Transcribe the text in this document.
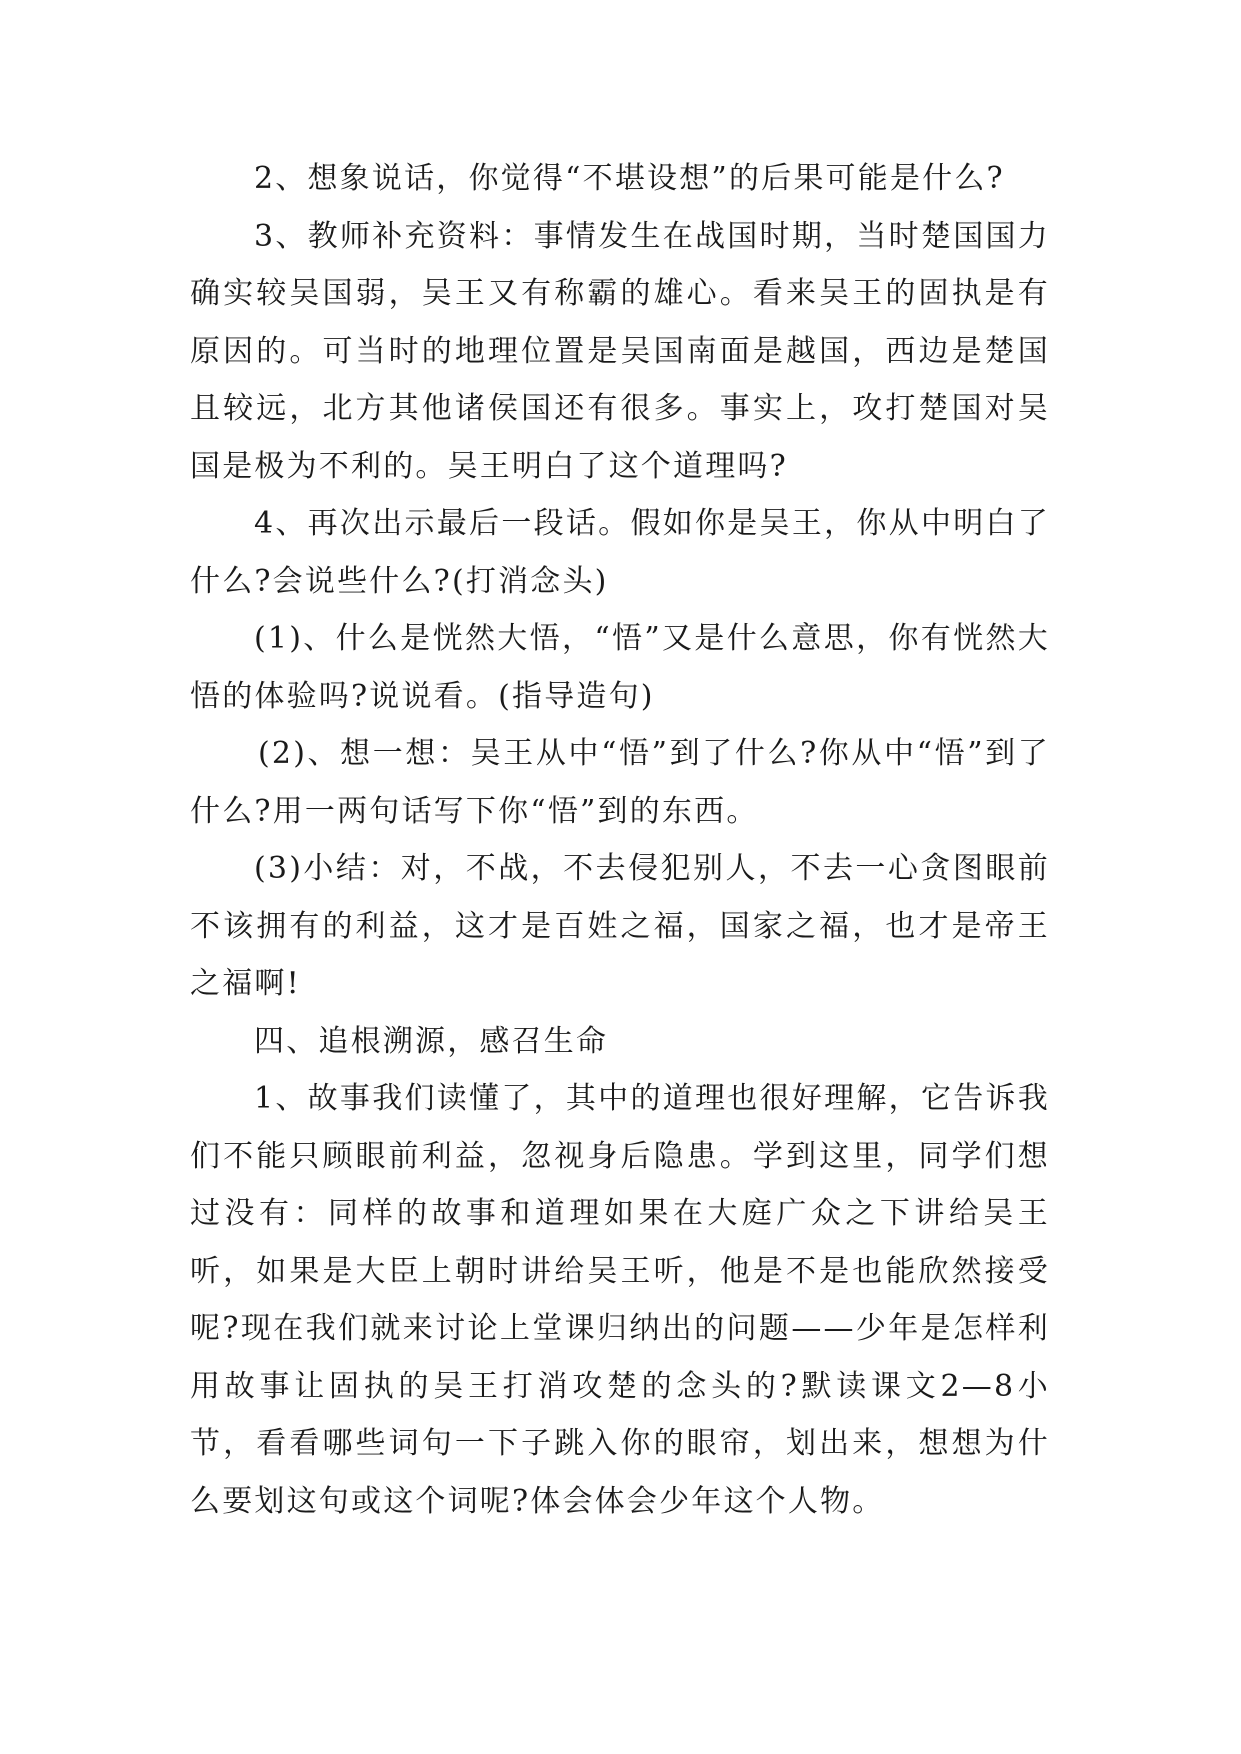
2、想象说话，你觉得“不堪设想”的后果可能是什么?

3、教师补充资料：事情发生在战国时期，当时楚国国力确实较吴国弱，吴王又有称霸的雄心。看来吴王的固执是有原因的。可当时的地理位置是吴国南面是越国，西边是楚国且较远，北方其他诸侯国还有很多。事实上，攻打楚国对吴国是极为不利的。吴王明白了这个道理吗?

4、再次出示最后一段话。假如你是吴王，你从中明白了什么?会说些什么?(打消念头)

(1)、什么是恍然大悟，“悟”又是什么意思，你有恍然大悟的体验吗?说说看。(指导造句)

(2)、想一想：吴王从中“悟”到了什么?你从中“悟”到了什么?用一两句话写下你“悟”到的东西。

(3)小结：对，不战，不去侵犯别人，不去一心贪图眼前不该拥有的利益，这才是百姓之福，国家之福，也才是帝王之福啊!

四、追根溯源，感召生命

1、故事我们读懂了，其中的道理也很好理解，它告诉我们不能只顾眼前利益，忽视身后隐患。学到这里，同学们想过没有：同样的故事和道理如果在大庭广众之下讲给吴王听，如果是大臣上朝时讲给吴王听，他是不是也能欣然接受呢?现在我们就来讨论上堂课归纳出的问题——少年是怎样利用故事让固执的吴王打消攻楚的念头的?默读课文2—8小节，看看哪些词句一下子跳入你的眼帘，划出来，想想为什么要划这句或这个词呢?体会体会少年这个人物。
